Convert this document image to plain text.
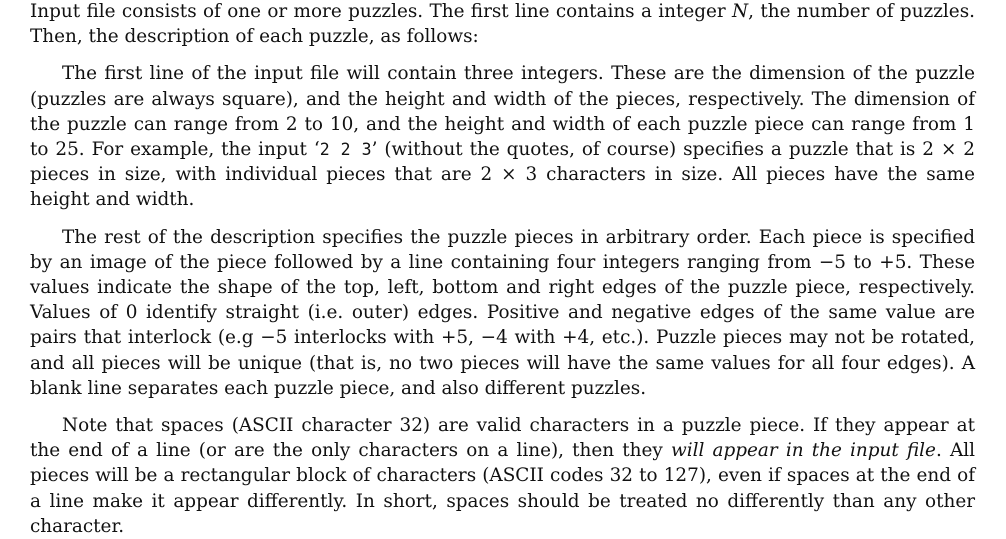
Input file consists of one or more puzzles. The first line contains a integer N, the number of puzzles. Then, the description of each puzzle, as follows:

The first line of the input file will contain three integers. These are the dimension of the puzzle (puzzles are always square), and the height and width of the pieces, respectively. The dimension of the puzzle can range from 2 to 10, and the height and width of each puzzle piece can range from 1 to 25. For example, the input ‘2 2 3’ (without the quotes, of course) specifies a puzzle that is 2 × 2 pieces in size, with individual pieces that are 2 × 3 characters in size. All pieces have the same height and width.

The rest of the description specifies the puzzle pieces in arbitrary order. Each piece is specified by an image of the piece followed by a line containing four integers ranging from −5 to +5. These values indicate the shape of the top, left, bottom and right edges of the puzzle piece, respectively. Values of 0 identify straight (i.e. outer) edges. Positive and negative edges of the same value are pairs that interlock (e.g −5 interlocks with +5, −4 with +4, etc.). Puzzle pieces may not be rotated, and all pieces will be unique (that is, no two pieces will have the same values for all four edges). A blank line separates each puzzle piece, and also different puzzles.

Note that spaces (ASCII character 32) are valid characters in a puzzle piece. If they appear at the end of a line (or are the only characters on a line), then they will appear in the input file. All pieces will be a rectangular block of characters (ASCII codes 32 to 127), even if spaces at the end of a line make it appear differently. In short, spaces should be treated no differently than any other character.
